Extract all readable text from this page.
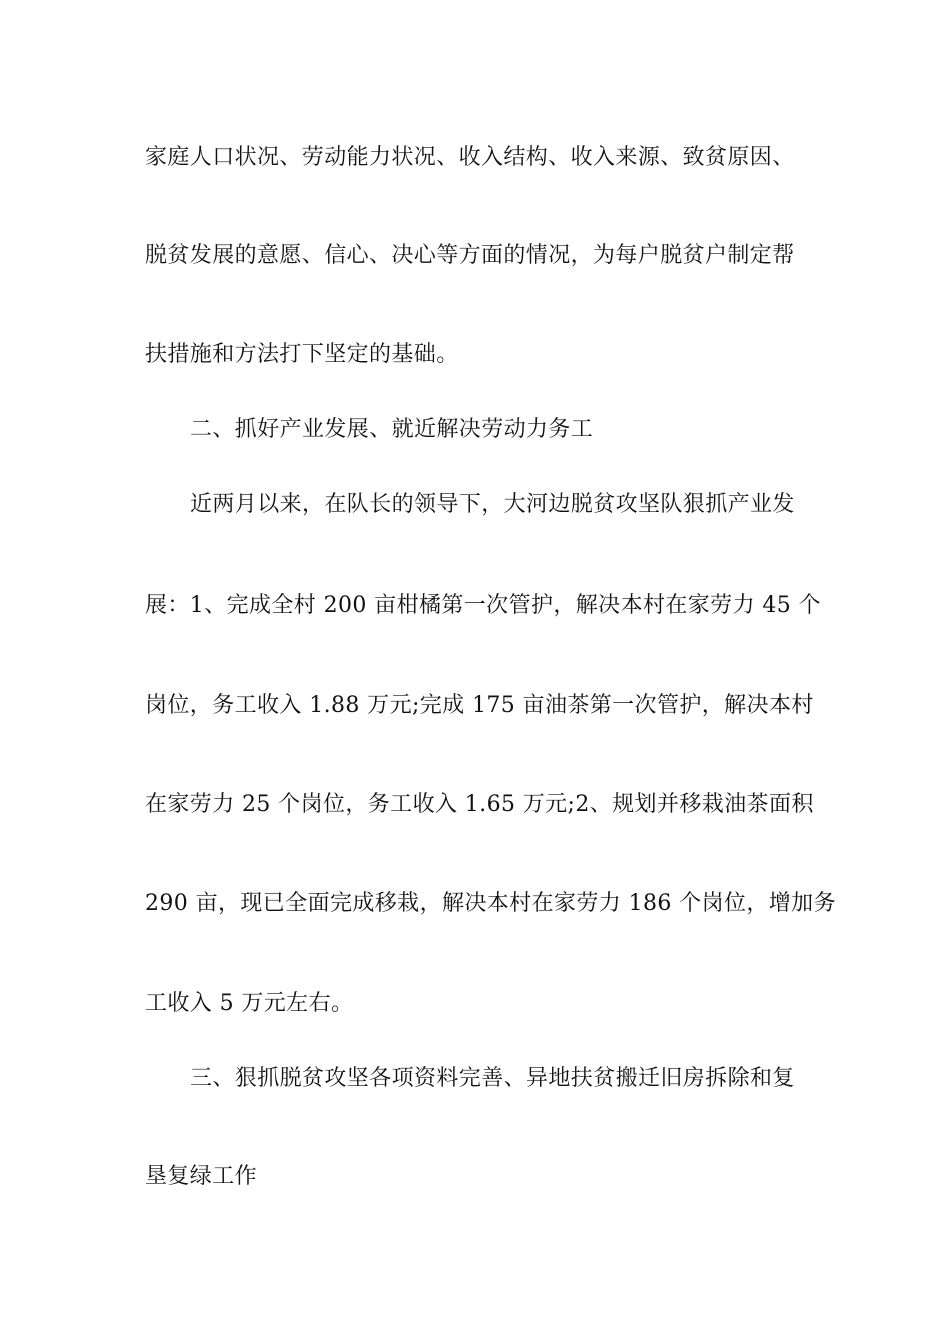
家庭人口状况、劳动能力状况、收入结构、收入来源、致贫原因、
脱贫发展的意愿、信心、决心等方面的情况，为每户脱贫户制定帮
扶措施和方法打下坚定的基础。
二、抓好产业发展、就近解决劳动力务工
近两月以来，在队长的领导下，大河边脱贫攻坚队狠抓产业发
展：1、完成全村 200 亩柑橘第一次管护，解决本村在家劳力 45 个
岗位，务工收入 1.88 万元;完成 175 亩油茶第一次管护，解决本村
在家劳力 25 个岗位，务工收入 1.65 万元;2、规划并移栽油茶面积
290 亩，现已全面完成移栽，解决本村在家劳力 186 个岗位，增加务
工收入 5 万元左右。
三、狠抓脱贫攻坚各项资料完善、异地扶贫搬迁旧房拆除和复
垦复绿工作
